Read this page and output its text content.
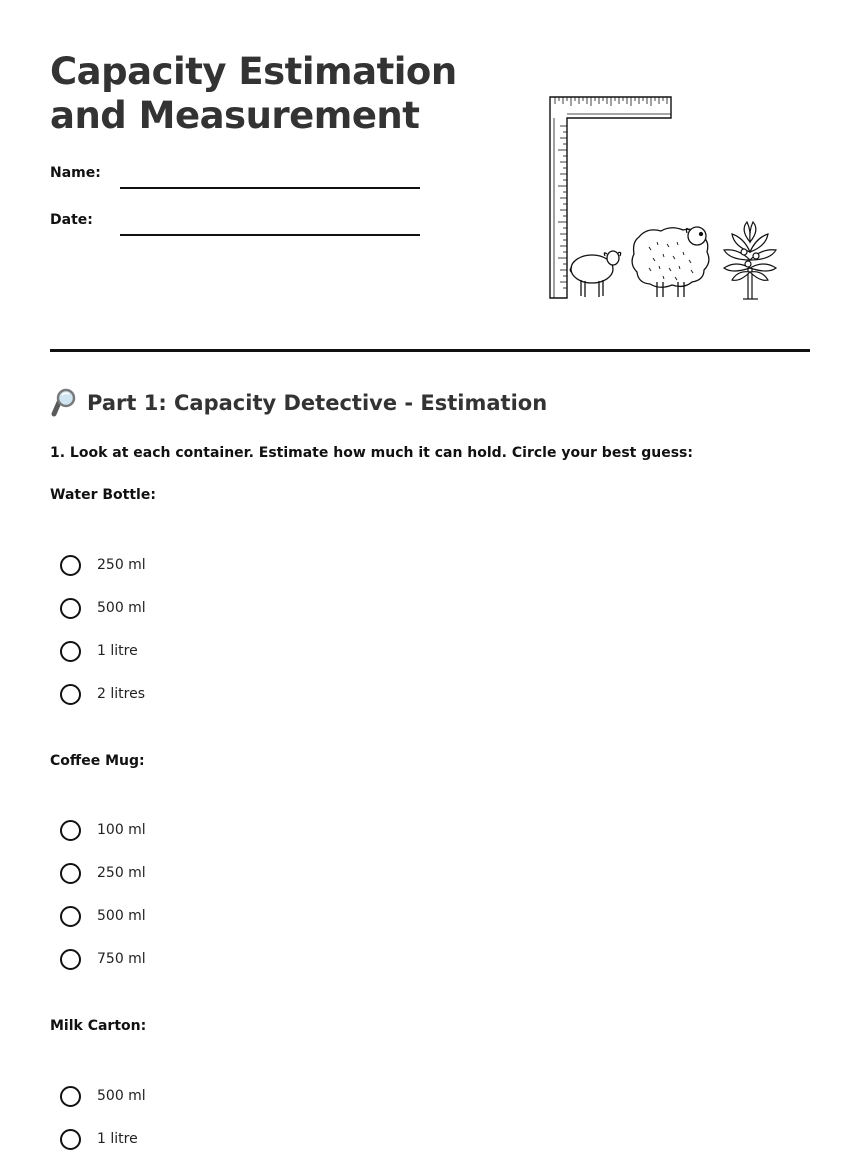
Capacity Estimation and Measurement
Name:
Date:
Part 1: Capacity Detective - Estimation
1. Look at each container. Estimate how much it can hold. Circle your best guess:
Water Bottle:
250 ml
500 ml
1 litre
2 litres
Coffee Mug:
100 ml
250 ml
500 ml
750 ml
Milk Carton:
500 ml
1 litre
